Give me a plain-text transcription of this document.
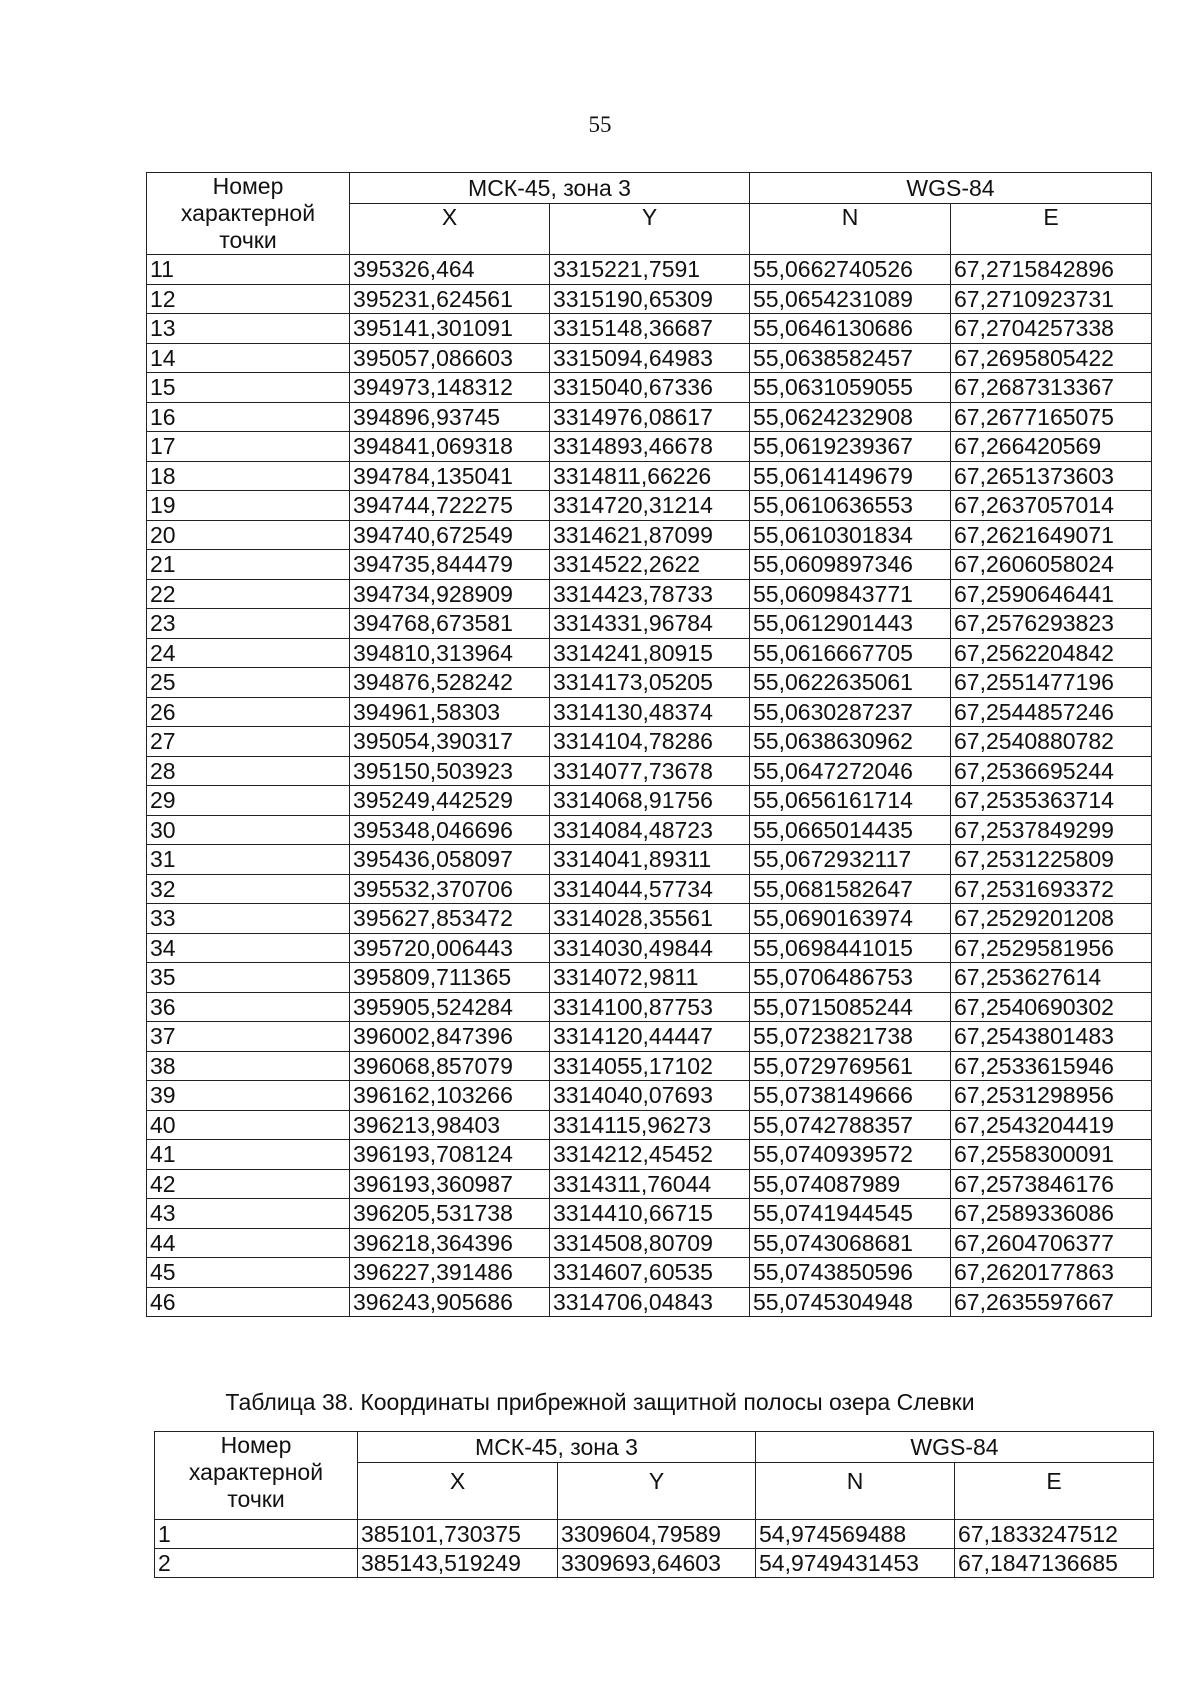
55
Номер характерной точки	МСК-45, зона 3		WGS-84	
	X	Y	N	E
11	395326,464	3315221,7591	55,0662740526	67,2715842896
12	395231,624561	3315190,65309	55,0654231089	67,2710923731
13	395141,301091	3315148,36687	55,0646130686	67,2704257338
14	395057,086603	3315094,64983	55,0638582457	67,2695805422
15	394973,148312	3315040,67336	55,0631059055	67,2687313367
16	394896,93745	3314976,08617	55,0624232908	67,2677165075
17	394841,069318	3314893,46678	55,0619239367	67,266420569
18	394784,135041	3314811,66226	55,0614149679	67,2651373603
19	394744,722275	3314720,31214	55,0610636553	67,2637057014
20	394740,672549	3314621,87099	55,0610301834	67,2621649071
21	394735,844479	3314522,2622	55,0609897346	67,2606058024
22	394734,928909	3314423,78733	55,0609843771	67,2590646441
23	394768,673581	3314331,96784	55,0612901443	67,2576293823
24	394810,313964	3314241,80915	55,0616667705	67,2562204842
25	394876,528242	3314173,05205	55,0622635061	67,2551477196
26	394961,58303	3314130,48374	55,0630287237	67,2544857246
27	395054,390317	3314104,78286	55,0638630962	67,2540880782
28	395150,503923	3314077,73678	55,0647272046	67,2536695244
29	395249,442529	3314068,91756	55,0656161714	67,2535363714
30	395348,046696	3314084,48723	55,0665014435	67,2537849299
31	395436,058097	3314041,89311	55,0672932117	67,2531225809
32	395532,370706	3314044,57734	55,0681582647	67,2531693372
33	395627,853472	3314028,35561	55,0690163974	67,2529201208
34	395720,006443	3314030,49844	55,0698441015	67,2529581956
35	395809,711365	3314072,9811	55,0706486753	67,253627614
36	395905,524284	3314100,87753	55,0715085244	67,2540690302
37	396002,847396	3314120,44447	55,0723821738	67,2543801483
38	396068,857079	3314055,17102	55,0729769561	67,2533615946
39	396162,103266	3314040,07693	55,0738149666	67,2531298956
40	396213,98403	3314115,96273	55,0742788357	67,2543204419
41	396193,708124	3314212,45452	55,0740939572	67,2558300091
42	396193,360987	3314311,76044	55,074087989	67,2573846176
43	396205,531738	3314410,66715	55,0741944545	67,2589336086
44	396218,364396	3314508,80709	55,0743068681	67,2604706377
45	396227,391486	3314607,60535	55,0743850596	67,2620177863
46	396243,905686	3314706,04843	55,0745304948	67,2635597667
Таблица 38. Координаты прибрежной защитной полосы озера Слевки
Номер характерной точки	МСК-45, зона 3		WGS-84	
	X	Y	N	E
1	385101,730375	3309604,79589	54,974569488	67,1833247512
2	385143,519249	3309693,64603	54,9749431453	67,1847136685
